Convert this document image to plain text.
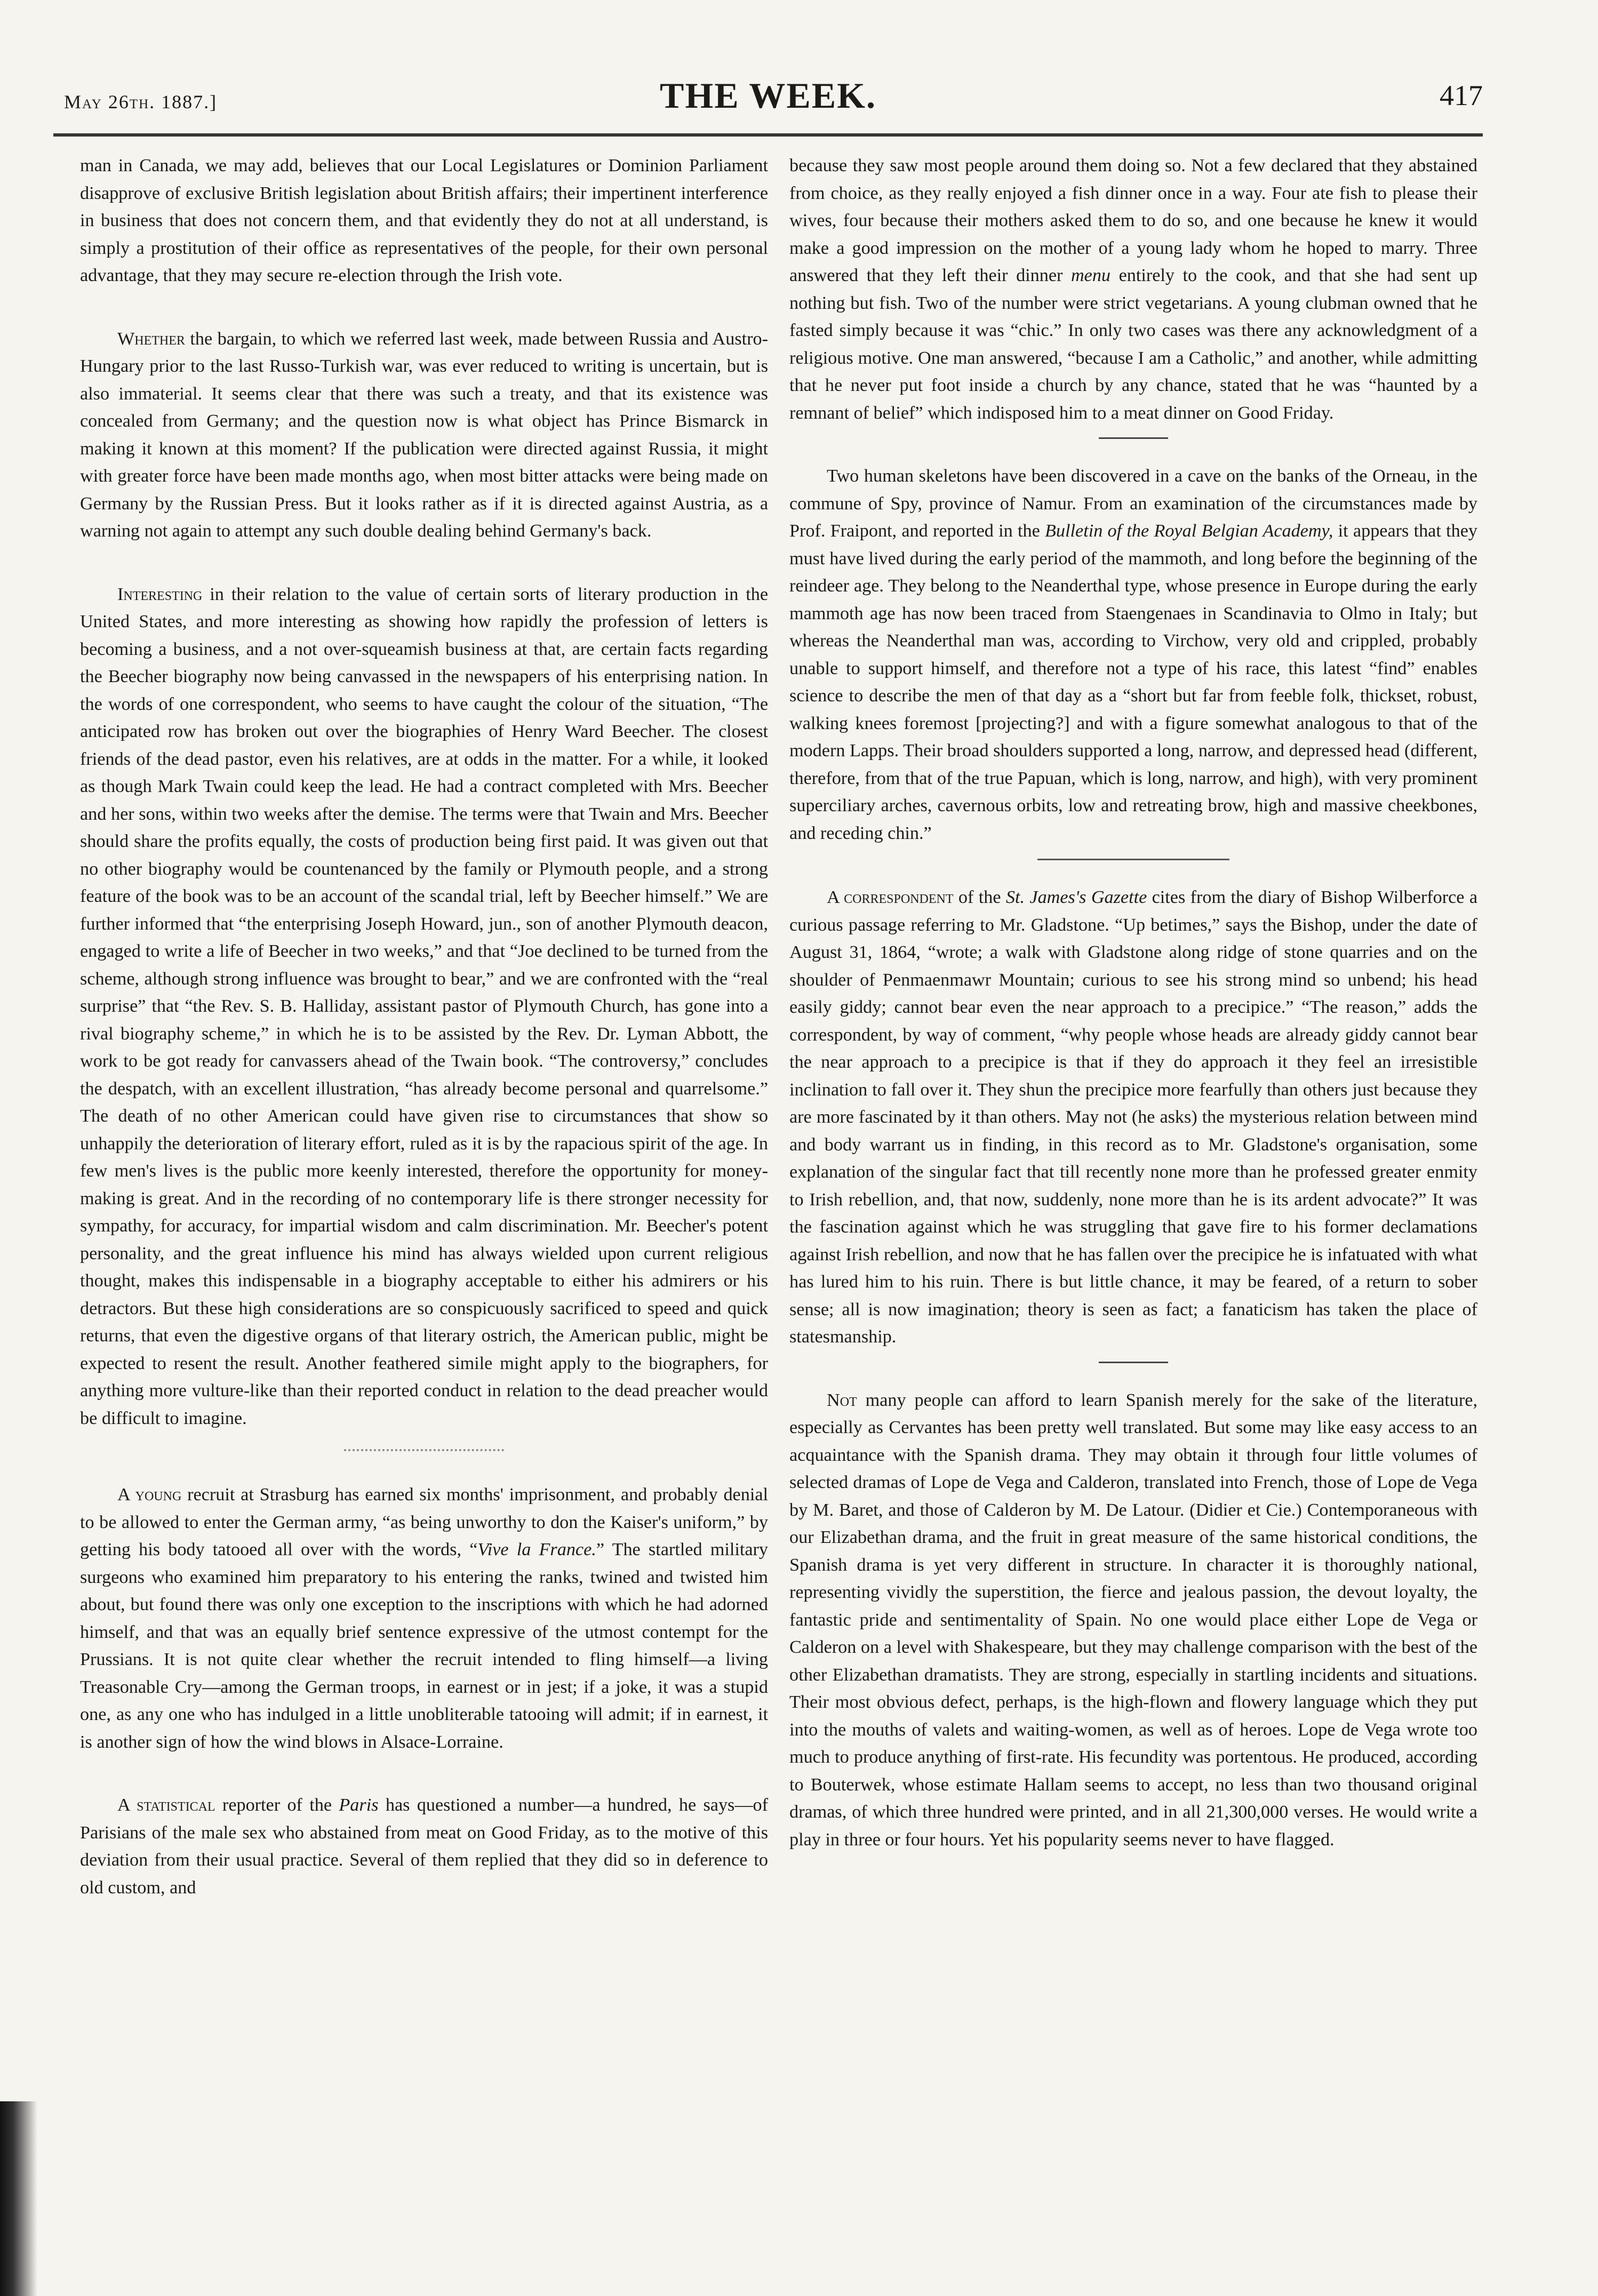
May 26th. 1887.]	THE WEEK.	417

man in Canada, we may add, believes that our Local Legislatures or Dominion Parliament disapprove of exclusive British legislation about British affairs; their impertinent interference in business that does not concern them, and that evidently they do not at all understand, is simply a prostitution of their office as representatives of the people, for their own personal advantage, that they may secure re-election through the Irish vote.

Whether the bargain, to which we referred last week, made between Russia and Austro-Hungary prior to the last Russo-Turkish war, was ever reduced to writing is uncertain, but is also immaterial. It seems clear that there was such a treaty, and that its existence was concealed from Germany; and the question now is what object has Prince Bismarck in making it known at this moment? If the publication were directed against Russia, it might with greater force have been made months ago, when most bitter attacks were being made on Germany by the Russian Press. But it looks rather as if it is directed against Austria, as a warning not again to attempt any such double dealing behind Germany's back.

Interesting in their relation to the value of certain sorts of literary production in the United States, and more interesting as showing how rapidly the profession of letters is becoming a business, and a not over-squeamish business at that, are certain facts regarding the Beecher biography now being canvassed in the newspapers of his enterprising nation. In the words of one correspondent, who seems to have caught the colour of the situation, “The anticipated row has broken out over the biographies of Henry Ward Beecher. The closest friends of the dead pastor, even his relatives, are at odds in the matter. For a while, it looked as though Mark Twain could keep the lead. He had a contract completed with Mrs. Beecher and her sons, within two weeks after the demise. The terms were that Twain and Mrs. Beecher should share the profits equally, the costs of production being first paid. It was given out that no other biography would be countenanced by the family or Plymouth people, and a strong feature of the book was to be an account of the scandal trial, left by Beecher himself.” We are further informed that “the enterprising Joseph Howard, jun., son of another Plymouth deacon, engaged to write a life of Beecher in two weeks,” and that “Joe declined to be turned from the scheme, although strong influence was brought to bear,” and we are confronted with the “real surprise” that “the Rev. S. B. Halliday, assistant pastor of Plymouth Church, has gone into a rival biography scheme,” in which he is to be assisted by the Rev. Dr. Lyman Abbott, the work to be got ready for canvassers ahead of the Twain book. “The controversy,” concludes the despatch, with an excellent illustration, “has already become personal and quarrelsome.” The death of no other American could have given rise to circumstances that show so unhappily the deterioration of literary effort, ruled as it is by the rapacious spirit of the age. In few men's lives is the public more keenly interested, therefore the opportunity for money-making is great. And in the recording of no contemporary life is there stronger necessity for sympathy, for accuracy, for impartial wisdom and calm discrimination. Mr. Beecher's potent personality, and the great influence his mind has always wielded upon current religious thought, makes this indispensable in a biography acceptable to either his admirers or his detractors. But these high considerations are so conspicuously sacrificed to speed and quick returns, that even the digestive organs of that literary ostrich, the American public, might be expected to resent the result. Another feathered simile might apply to the biographers, for anything more vulture-like than their reported conduct in relation to the dead preacher would be difficult to imagine.

A young recruit at Strasburg has earned six months' imprisonment, and probably denial to be allowed to enter the German army, “as being unworthy to don the Kaiser's uniform,” by getting his body tatooed all over with the words, “Vive la France.” The startled military surgeons who examined him preparatory to his entering the ranks, twined and twisted him about, but found there was only one exception to the inscriptions with which he had adorned himself, and that was an equally brief sentence expressive of the utmost contempt for the Prussians. It is not quite clear whether the recruit intended to fling himself—a living Treasonable Cry—among the German troops, in earnest or in jest; if a joke, it was a stupid one, as any one who has indulged in a little unobliterable tatooing will admit; if in earnest, it is another sign of how the wind blows in Alsace-Lorraine.

A statistical reporter of the Paris has questioned a number—a hundred, he says—of Parisians of the male sex who abstained from meat on Good Friday, as to the motive of this deviation from their usual practice. Several of them replied that they did so in deference to old custom, and

because they saw most people around them doing so. Not a few declared that they abstained from choice, as they really enjoyed a fish dinner once in a way. Four ate fish to please their wives, four because their mothers asked them to do so, and one because he knew it would make a good impression on the mother of a young lady whom he hoped to marry. Three answered that they left their dinner menu entirely to the cook, and that she had sent up nothing but fish. Two of the number were strict vegetarians. A young clubman owned that he fasted simply because it was “chic.” In only two cases was there any acknowledgment of a religious motive. One man answered, “because I am a Catholic,” and another, while admitting that he never put foot inside a church by any chance, stated that he was “haunted by a remnant of belief” which indisposed him to a meat dinner on Good Friday.

Two human skeletons have been discovered in a cave on the banks of the Orneau, in the commune of Spy, province of Namur. From an examination of the circumstances made by Prof. Fraipont, and reported in the Bulletin of the Royal Belgian Academy, it appears that they must have lived during the early period of the mammoth, and long before the beginning of the reindeer age. They belong to the Neanderthal type, whose presence in Europe during the early mammoth age has now been traced from Staengenaes in Scandinavia to Olmo in Italy; but whereas the Neanderthal man was, according to Virchow, very old and crippled, probably unable to support himself, and therefore not a type of his race, this latest “find” enables science to describe the men of that day as a “short but far from feeble folk, thickset, robust, walking knees foremost [projecting?] and with a figure somewhat analogous to that of the modern Lapps. Their broad shoulders supported a long, narrow, and depressed head (different, therefore, from that of the true Papuan, which is long, narrow, and high), with very prominent superciliary arches, cavernous orbits, low and retreating brow, high and massive cheekbones, and receding chin.”

A correspondent of the St. James's Gazette cites from the diary of Bishop Wilberforce a curious passage referring to Mr. Gladstone. “Up betimes,” says the Bishop, under the date of August 31, 1864, “wrote; a walk with Gladstone along ridge of stone quarries and on the shoulder of Penmaenmawr Mountain; curious to see his strong mind so unbend; his head easily giddy; cannot bear even the near approach to a precipice.” “The reason,” adds the correspondent, by way of comment, “why people whose heads are already giddy cannot bear the near approach to a precipice is that if they do approach it they feel an irresistible inclination to fall over it. They shun the precipice more fearfully than others just because they are more fascinated by it than others. May not (he asks) the mysterious relation between mind and body warrant us in finding, in this record as to Mr. Gladstone's organisation, some explanation of the singular fact that till recently none more than he professed greater enmity to Irish rebellion, and, that now, suddenly, none more than he is its ardent advocate?” It was the fascination against which he was struggling that gave fire to his former declamations against Irish rebellion, and now that he has fallen over the precipice he is infatuated with what has lured him to his ruin. There is but little chance, it may be feared, of a return to sober sense; all is now imagination; theory is seen as fact; a fanaticism has taken the place of statesmanship.

Not many people can afford to learn Spanish merely for the sake of the literature, especially as Cervantes has been pretty well translated. But some may like easy access to an acquaintance with the Spanish drama. They may obtain it through four little volumes of selected dramas of Lope de Vega and Calderon, translated into French, those of Lope de Vega by M. Baret, and those of Calderon by M. De Latour. (Didier et Cie.) Contemporaneous with our Elizabethan drama, and the fruit in great measure of the same historical conditions, the Spanish drama is yet very different in structure. In character it is thoroughly national, representing vividly the superstition, the fierce and jealous passion, the devout loyalty, the fantastic pride and sentimentality of Spain. No one would place either Lope de Vega or Calderon on a level with Shakespeare, but they may challenge comparison with the best of the other Elizabethan dramatists. They are strong, especially in startling incidents and situations. Their most obvious defect, perhaps, is the high-flown and flowery language which they put into the mouths of valets and waiting-women, as well as of heroes. Lope de Vega wrote too much to produce anything of first-rate. His fecundity was portentous. He produced, according to Bouterwek, whose estimate Hallam seems to accept, no less than two thousand original dramas, of which three hundred were printed, and in all 21,300,000 verses. He would write a play in three or four hours. Yet his popularity seems never to have flagged.
